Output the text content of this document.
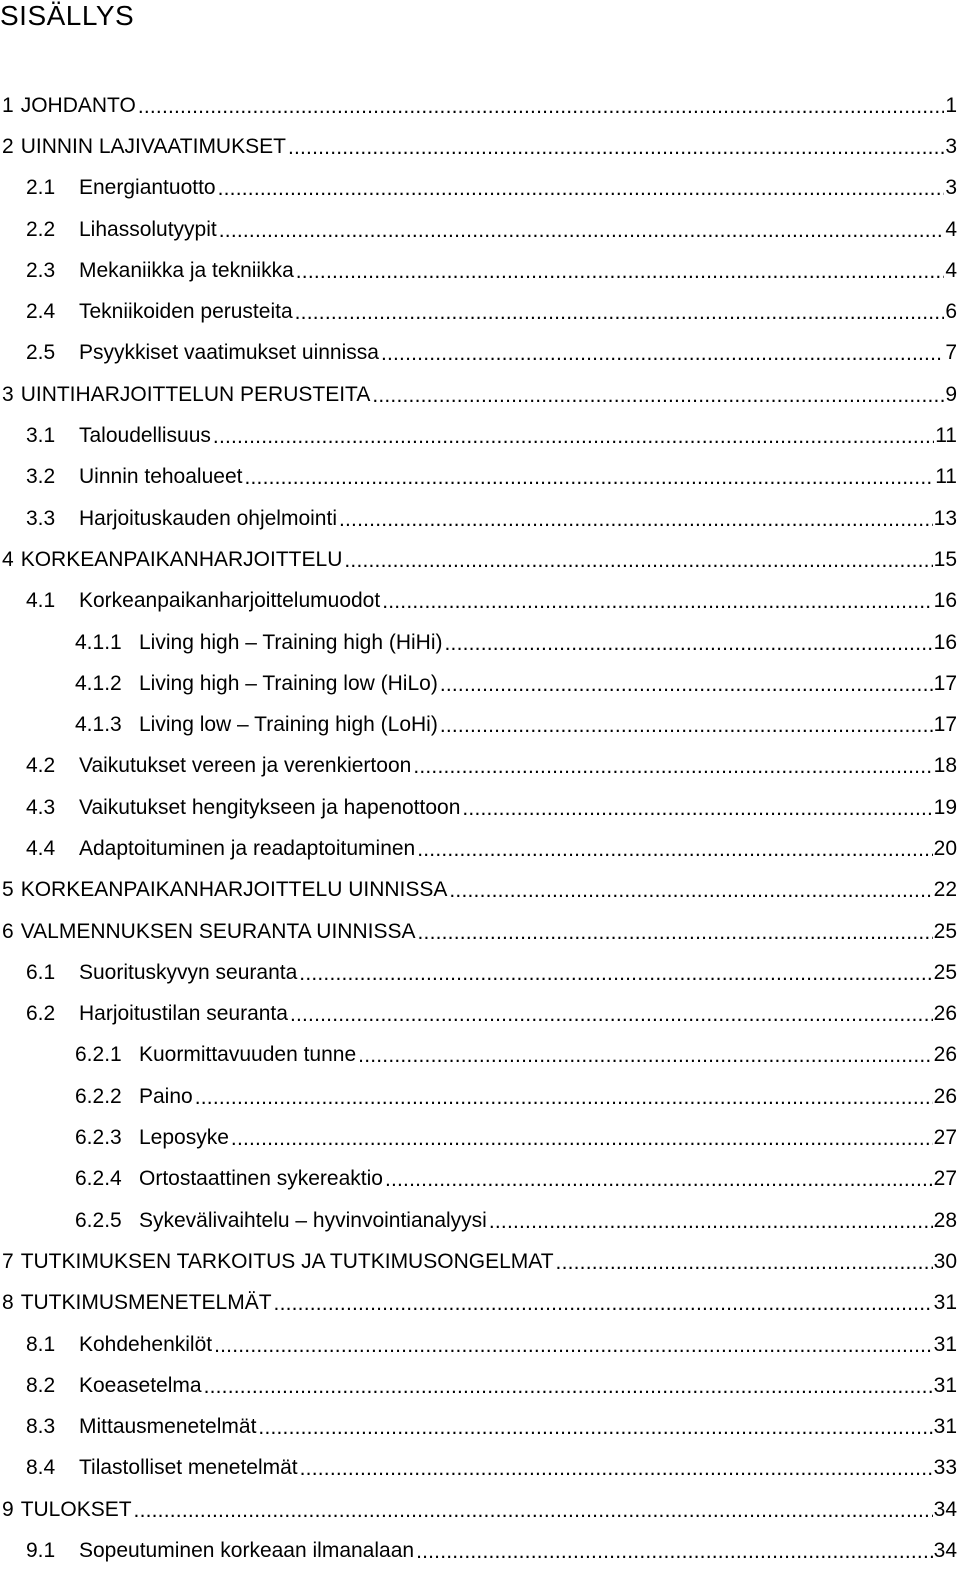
SISÄLLYS
1 JOHDANTO .....	1
2 UINNIN LAJIVAATIMUKSET .....	3
2.1	Energiantuotto .....	3
2.2	Lihassolutyypit .....	4
2.3	Mekaniikka ja tekniikka .....	4
2.4	Tekniikoiden perusteita .....	6
2.5	Psyykkiset vaatimukset uinnissa .....	7
3 UINTIHARJOITTELUN PERUSTEITA .....	9
3.1	Taloudellisuus .....	11
3.2	Uinnin tehoalueet .....	11
3.3	Harjoituskauden ohjelmointi .....	13
4 KORKEANPAIKANHARJOITTELU .....	15
4.1	Korkeanpaikanharjoittelumuodot .....	16
4.1.1 Living high – Training high (HiHi) .....	16
4.1.2 Living high – Training low (HiLo) .....	17
4.1.3 Living low – Training high (LoHi) .....	17
4.2	Vaikutukset vereen ja verenkiertoon .....	18
4.3	Vaikutukset hengitykseen ja hapenottoon .....	19
4.4	Adaptoituminen ja readaptoituminen .....	20
5 KORKEANPAIKANHARJOITTELU UINNISSA .....	22
6 VALMENNUKSEN SEURANTA UINNISSA .....	25
6.1	Suorituskyvyn seuranta .....	25
6.2	Harjoitustilan seuranta .....	26
6.2.1 Kuormittavuuden tunne .....	26
6.2.2 Paino .....	26
6.2.3 Leposyke .....	27
6.2.4 Ortostaattinen sykereaktio .....	27
6.2.5 Sykevälivaihtelu – hyvinvointianalyysi .....	28
7 TUTKIMUKSEN TARKOITUS JA TUTKIMUSONGELMAT .....	30
8 TUTKIMUSMENETELMÄT .....	31
8.1	Kohdehenkilöt .....	31
8.2	Koeasetelma .....	31
8.3	Mittausmenetelmät .....	31
8.4	Tilastolliset menetelmät .....	33
9 TULOKSET .....	34
9.1	Sopeutuminen korkeaan ilmanalaan .....	34
